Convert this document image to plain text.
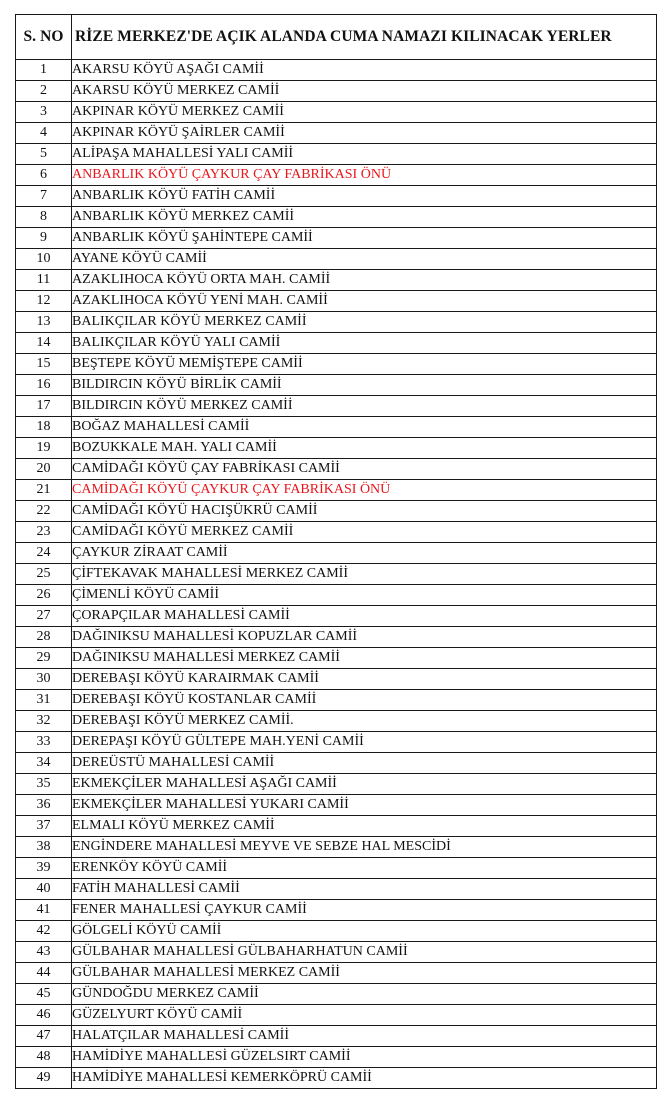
S. NO	RİZE MERKEZ'DE AÇIK ALANDA CUMA NAMAZI KILINACAK YERLER
1	AKARSU KÖYÜ AŞAĞI CAMİİ
2	AKARSU KÖYÜ MERKEZ CAMİİ
3	AKPINAR KÖYÜ MERKEZ CAMİİ
4	AKPINAR KÖYÜ ŞAİRLER CAMİİ
5	ALİPAŞA MAHALLESİ YALI CAMİİ
6	ANBARLIK KÖYÜ ÇAYKUR ÇAY FABRİKASI ÖNÜ
7	ANBARLIK KÖYÜ FATİH CAMİİ
8	ANBARLIK KÖYÜ MERKEZ CAMİİ
9	ANBARLIK KÖYÜ ŞAHİNTEPE CAMİİ
10	AYANE KÖYÜ CAMİİ
11	AZAKLIHOCA KÖYÜ ORTA MAH. CAMİİ
12	AZAKLIHOCA KÖYÜ YENİ MAH. CAMİİ
13	BALIKÇILAR KÖYÜ MERKEZ CAMİİ
14	BALIKÇILAR KÖYÜ YALI CAMİİ
15	BEŞTEPE KÖYÜ MEMİŞTEPE CAMİİ
16	BILDIRCIN KÖYÜ BİRLİK CAMİİ
17	BILDIRCIN KÖYÜ MERKEZ CAMİİ
18	BOĞAZ MAHALLESİ CAMİİ
19	BOZUKKALE MAH. YALI CAMİİ
20	CAMİDAĞI KÖYÜ ÇAY FABRİKASI CAMİİ
21	CAMİDAĞI KÖYÜ ÇAYKUR ÇAY FABRİKASI ÖNÜ
22	CAMİDAĞI KÖYÜ HACIŞÜKRÜ CAMİİ
23	CAMİDAĞI KÖYÜ MERKEZ CAMİİ
24	ÇAYKUR ZİRAAT CAMİİ
25	ÇİFTEKAVAK MAHALLESİ MERKEZ CAMİİ
26	ÇİMENLİ KÖYÜ CAMİİ
27	ÇORAPÇILAR MAHALLESİ CAMİİ
28	DAĞINIKSU MAHALLESİ KOPUZLAR CAMİİ
29	DAĞINIKSU MAHALLESİ MERKEZ CAMİİ
30	DEREBAŞI KÖYÜ KARAIRMAK CAMİİ
31	DEREBAŞI KÖYÜ KOSTANLAR CAMİİ
32	DEREBAŞI KÖYÜ MERKEZ CAMİİ.
33	DEREPAŞI KÖYÜ GÜLTEPE MAH.YENİ CAMİİ
34	DEREÜSTÜ MAHALLESİ CAMİİ
35	EKMEKÇİLER MAHALLESİ AŞAĞI CAMİİ
36	EKMEKÇİLER MAHALLESİ YUKARI CAMİİ
37	ELMALI KÖYÜ MERKEZ CAMİİ
38	ENGİNDERE MAHALLESİ MEYVE VE SEBZE HAL MESCİDİ
39	ERENKÖY KÖYÜ CAMİİ
40	FATİH MAHALLESİ CAMİİ
41	FENER MAHALLESİ ÇAYKUR CAMİİ
42	GÖLGELİ KÖYÜ CAMİİ
43	GÜLBAHAR MAHALLESİ GÜLBAHARHATUN CAMİİ
44	GÜLBAHAR MAHALLESİ MERKEZ CAMİİ
45	GÜNDOĞDU MERKEZ CAMİİ
46	GÜZELYURT KÖYÜ CAMİİ
47	HALATÇILAR MAHALLESİ CAMİİ
48	HAMİDİYE MAHALLESİ GÜZELSIRT CAMİİ
49	HAMİDİYE MAHALLESİ KEMERKÖPRÜ CAMİİ
